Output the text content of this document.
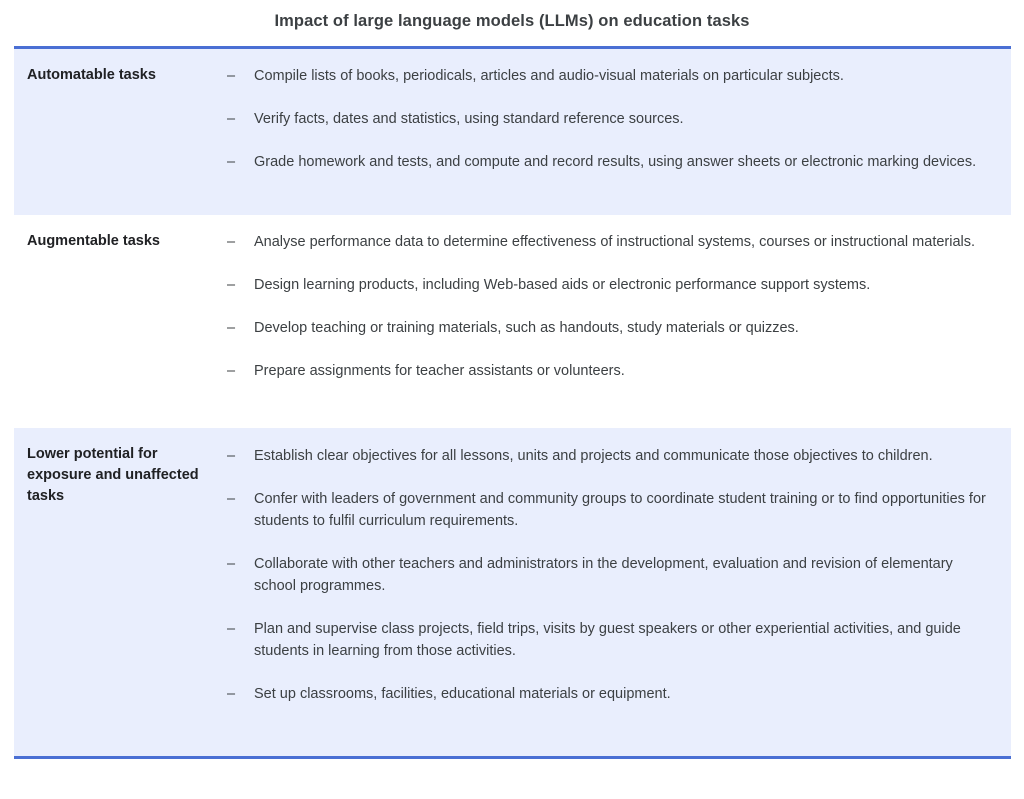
Impact of large language models (LLMs) on education tasks
Automatable tasks	–	Compile lists of books, periodicals, articles and audio-visual materials on particular subjects.
–	Verify facts, dates and statistics, using standard reference sources.
–	Grade homework and tests, and compute and record results, using answer sheets or electronic marking devices.
Augmentable tasks	–	Analyse performance data to determine effectiveness of instructional systems, courses or instructional materials.
–	Design learning products, including Web-based aids or electronic performance support systems.
–	Develop teaching or training materials, such as handouts, study materials or quizzes.
–	Prepare assignments for teacher assistants or volunteers.
Lower potential for exposure and unaffected tasks
–	Establish clear objectives for all lessons, units and projects and communicate those objectives to children.
–	Confer with leaders of government and community groups to coordinate student training or to find opportunities for students to fulfil curriculum requirements.
–	Collaborate with other teachers and administrators in the development, evaluation and revision of elementary school programmes.
–	Plan and supervise class projects, field trips, visits by guest speakers or other experiential activities, and guide students in learning from those activities.
–	Set up classrooms, facilities, educational materials or equipment.
